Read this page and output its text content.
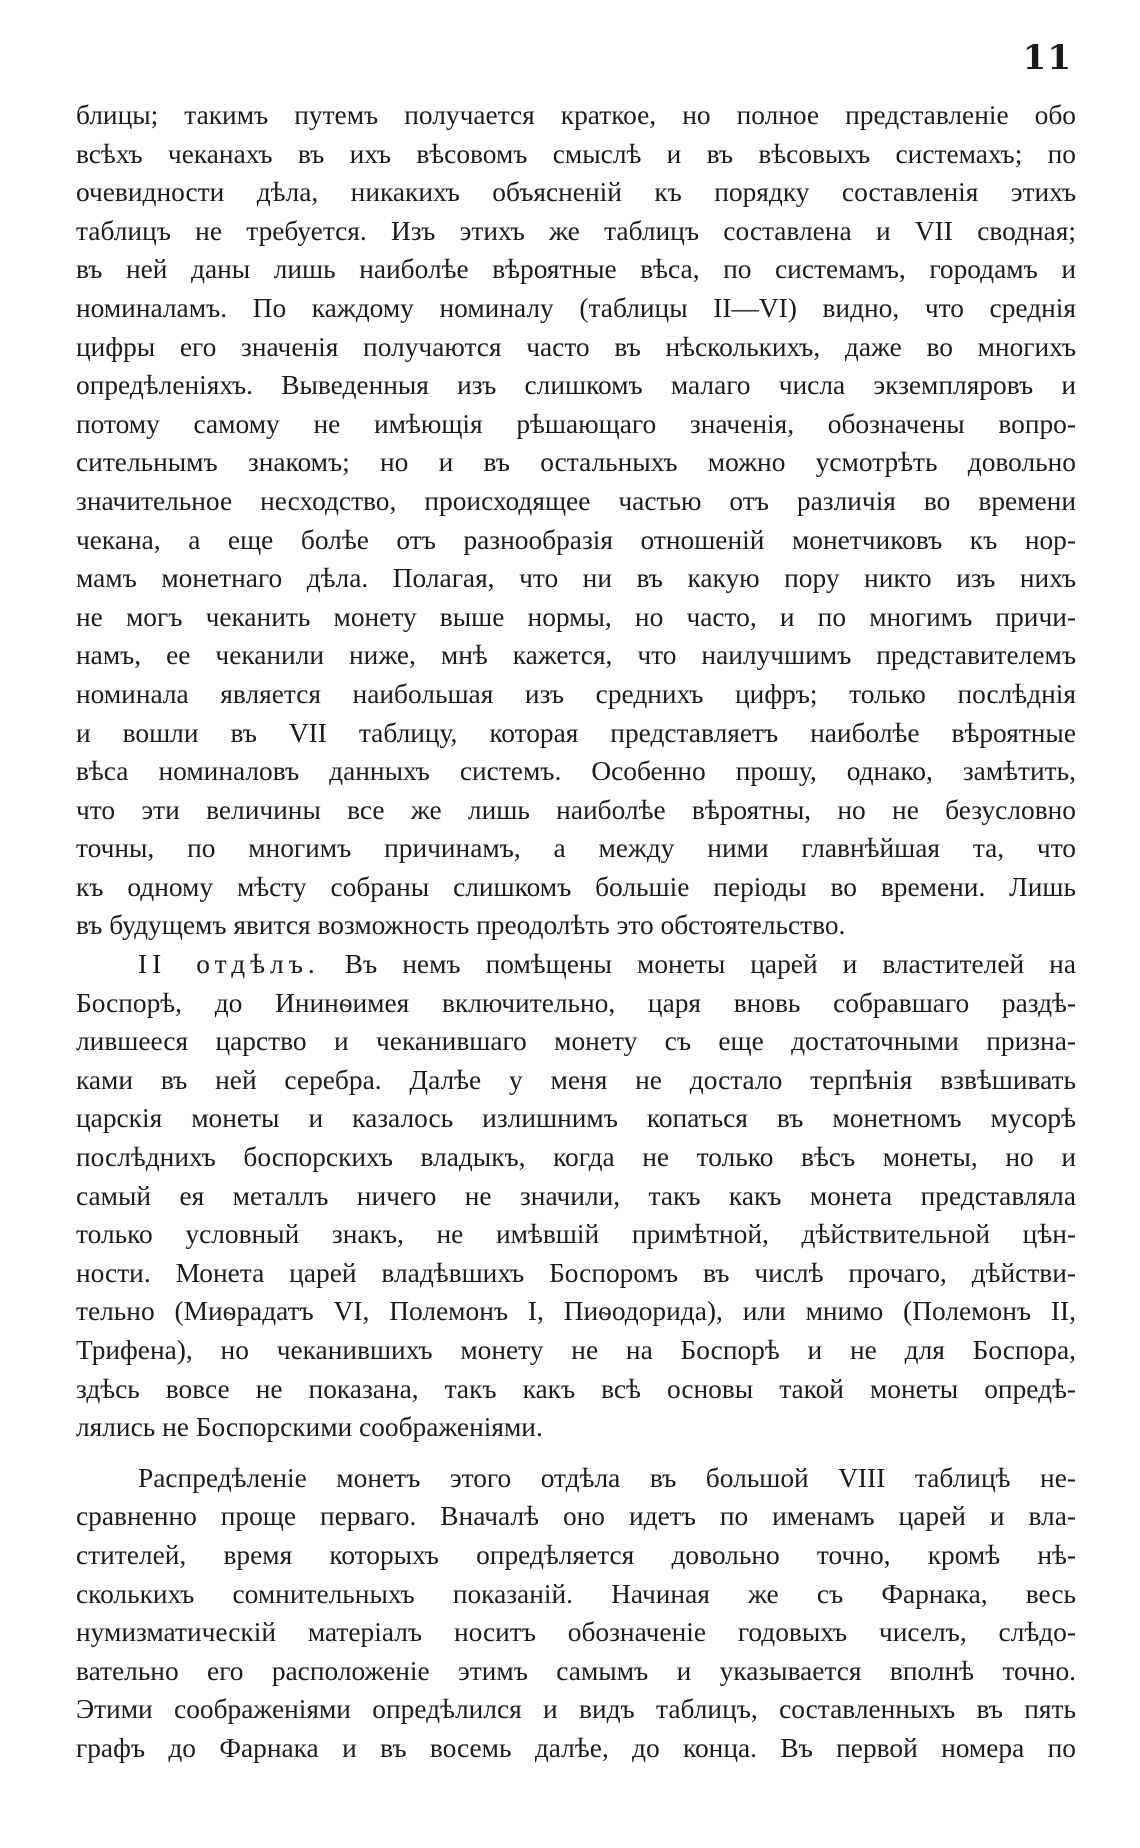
11
блицы; такимъ путемъ получается краткое, но полное представленіе обо
всѣхъ чеканахъ въ ихъ вѣсовомъ смыслѣ и въ вѣсовыхъ системахъ; по
очевидности дѣла, никакихъ объясненій къ порядку составленія этихъ
таблицъ не требуется. Изъ этихъ же таблицъ составлена и VII сводная;
въ ней даны лишь наиболѣе вѣроятные вѣса, по системамъ, городамъ и
номиналамъ. По каждому номиналу (таблицы II—VI) видно, что среднія
цифры его значенія получаются часто въ нѣсколькихъ, даже во многихъ
опредѣленіяхъ. Выведенныя изъ слишкомъ малаго числа экземпляровъ и
потому самому не имѣющія рѣшающаго значенія, обозначены вопро-
сительнымъ знакомъ; но и въ остальныхъ можно усмотрѣть довольно
значительное несходство, происходящее частью отъ различія во времени
чекана, а еще болѣе отъ разнообразія отношеній монетчиковъ къ нор-
мамъ монетнаго дѣла. Полагая, что ни въ какую пору никто изъ нихъ
не могъ чеканить монету выше нормы, но часто, и по многимъ причи-
намъ, ее чеканили ниже, мнѣ кажется, что наилучшимъ представителемъ
номинала является наибольшая изъ среднихъ цифръ; только послѣднія
и вошли въ VII таблицу, которая представляетъ наиболѣе вѣроятные
вѣса номиналовъ данныхъ системъ. Особенно прошу, однако, замѣтить,
что эти величины все же лишь наиболѣе вѣроятны, но не безусловно
точны, по многимъ причинамъ, а между ними главнѣйшая та, что
къ одному мѣсту собраны слишкомъ большіе періоды во времени. Лишь
въ будущемъ явится возможность преодолѣть это обстоятельство.
II отдѣлъ. Въ немъ помѣщены монеты царей и властителей на
Боспорѣ, до Ининѳимея включительно, царя вновь собравшаго раздѣ-
лившееся царство и чеканившаго монету съ еще достаточными призна-
ками въ ней серебра. Далѣе у меня не достало терпѣнія взвѣшивать
царскія монеты и казалось излишнимъ копаться въ монетномъ мусорѣ
послѣднихъ боспорскихъ владыкъ, когда не только вѣсъ монеты, но и
самый ея металлъ ничего не значили, такъ какъ монета представляла
только условный знакъ, не имѣвшій примѣтной, дѣйствительной цѣн-
ности. Монета царей владѣвшихъ Боспоромъ въ числѣ прочаго, дѣйстви-
тельно (Миѳрадатъ VI, Полемонъ I, Пиѳодорида), или мнимо (Полемонъ II,
Трифена), но чеканившихъ монету не на Боспорѣ и не для Боспора,
здѣсь вовсе не показана, такъ какъ всѣ основы такой монеты опредѣ-
лялись не Боспорскими соображеніями.
Распредѣленіе монетъ этого отдѣла въ большой VIII таблицѣ не-
сравненно проще перваго. Вначалѣ оно идетъ по именамъ царей и вла-
стителей, время которыхъ опредѣляется довольно точно, кромѣ нѣ-
сколькихъ сомнительныхъ показаній. Начиная же съ Фарнака, весь
нумизматическій матеріалъ носитъ обозначеніе годовыхъ чиселъ, слѣдо-
вательно его расположеніе этимъ самымъ и указывается вполнѣ точно.
Этими соображеніями опредѣлился и видъ таблицъ, составленныхъ въ пять
графъ до Фарнака и въ восемь далѣе, до конца. Въ первой номера по
